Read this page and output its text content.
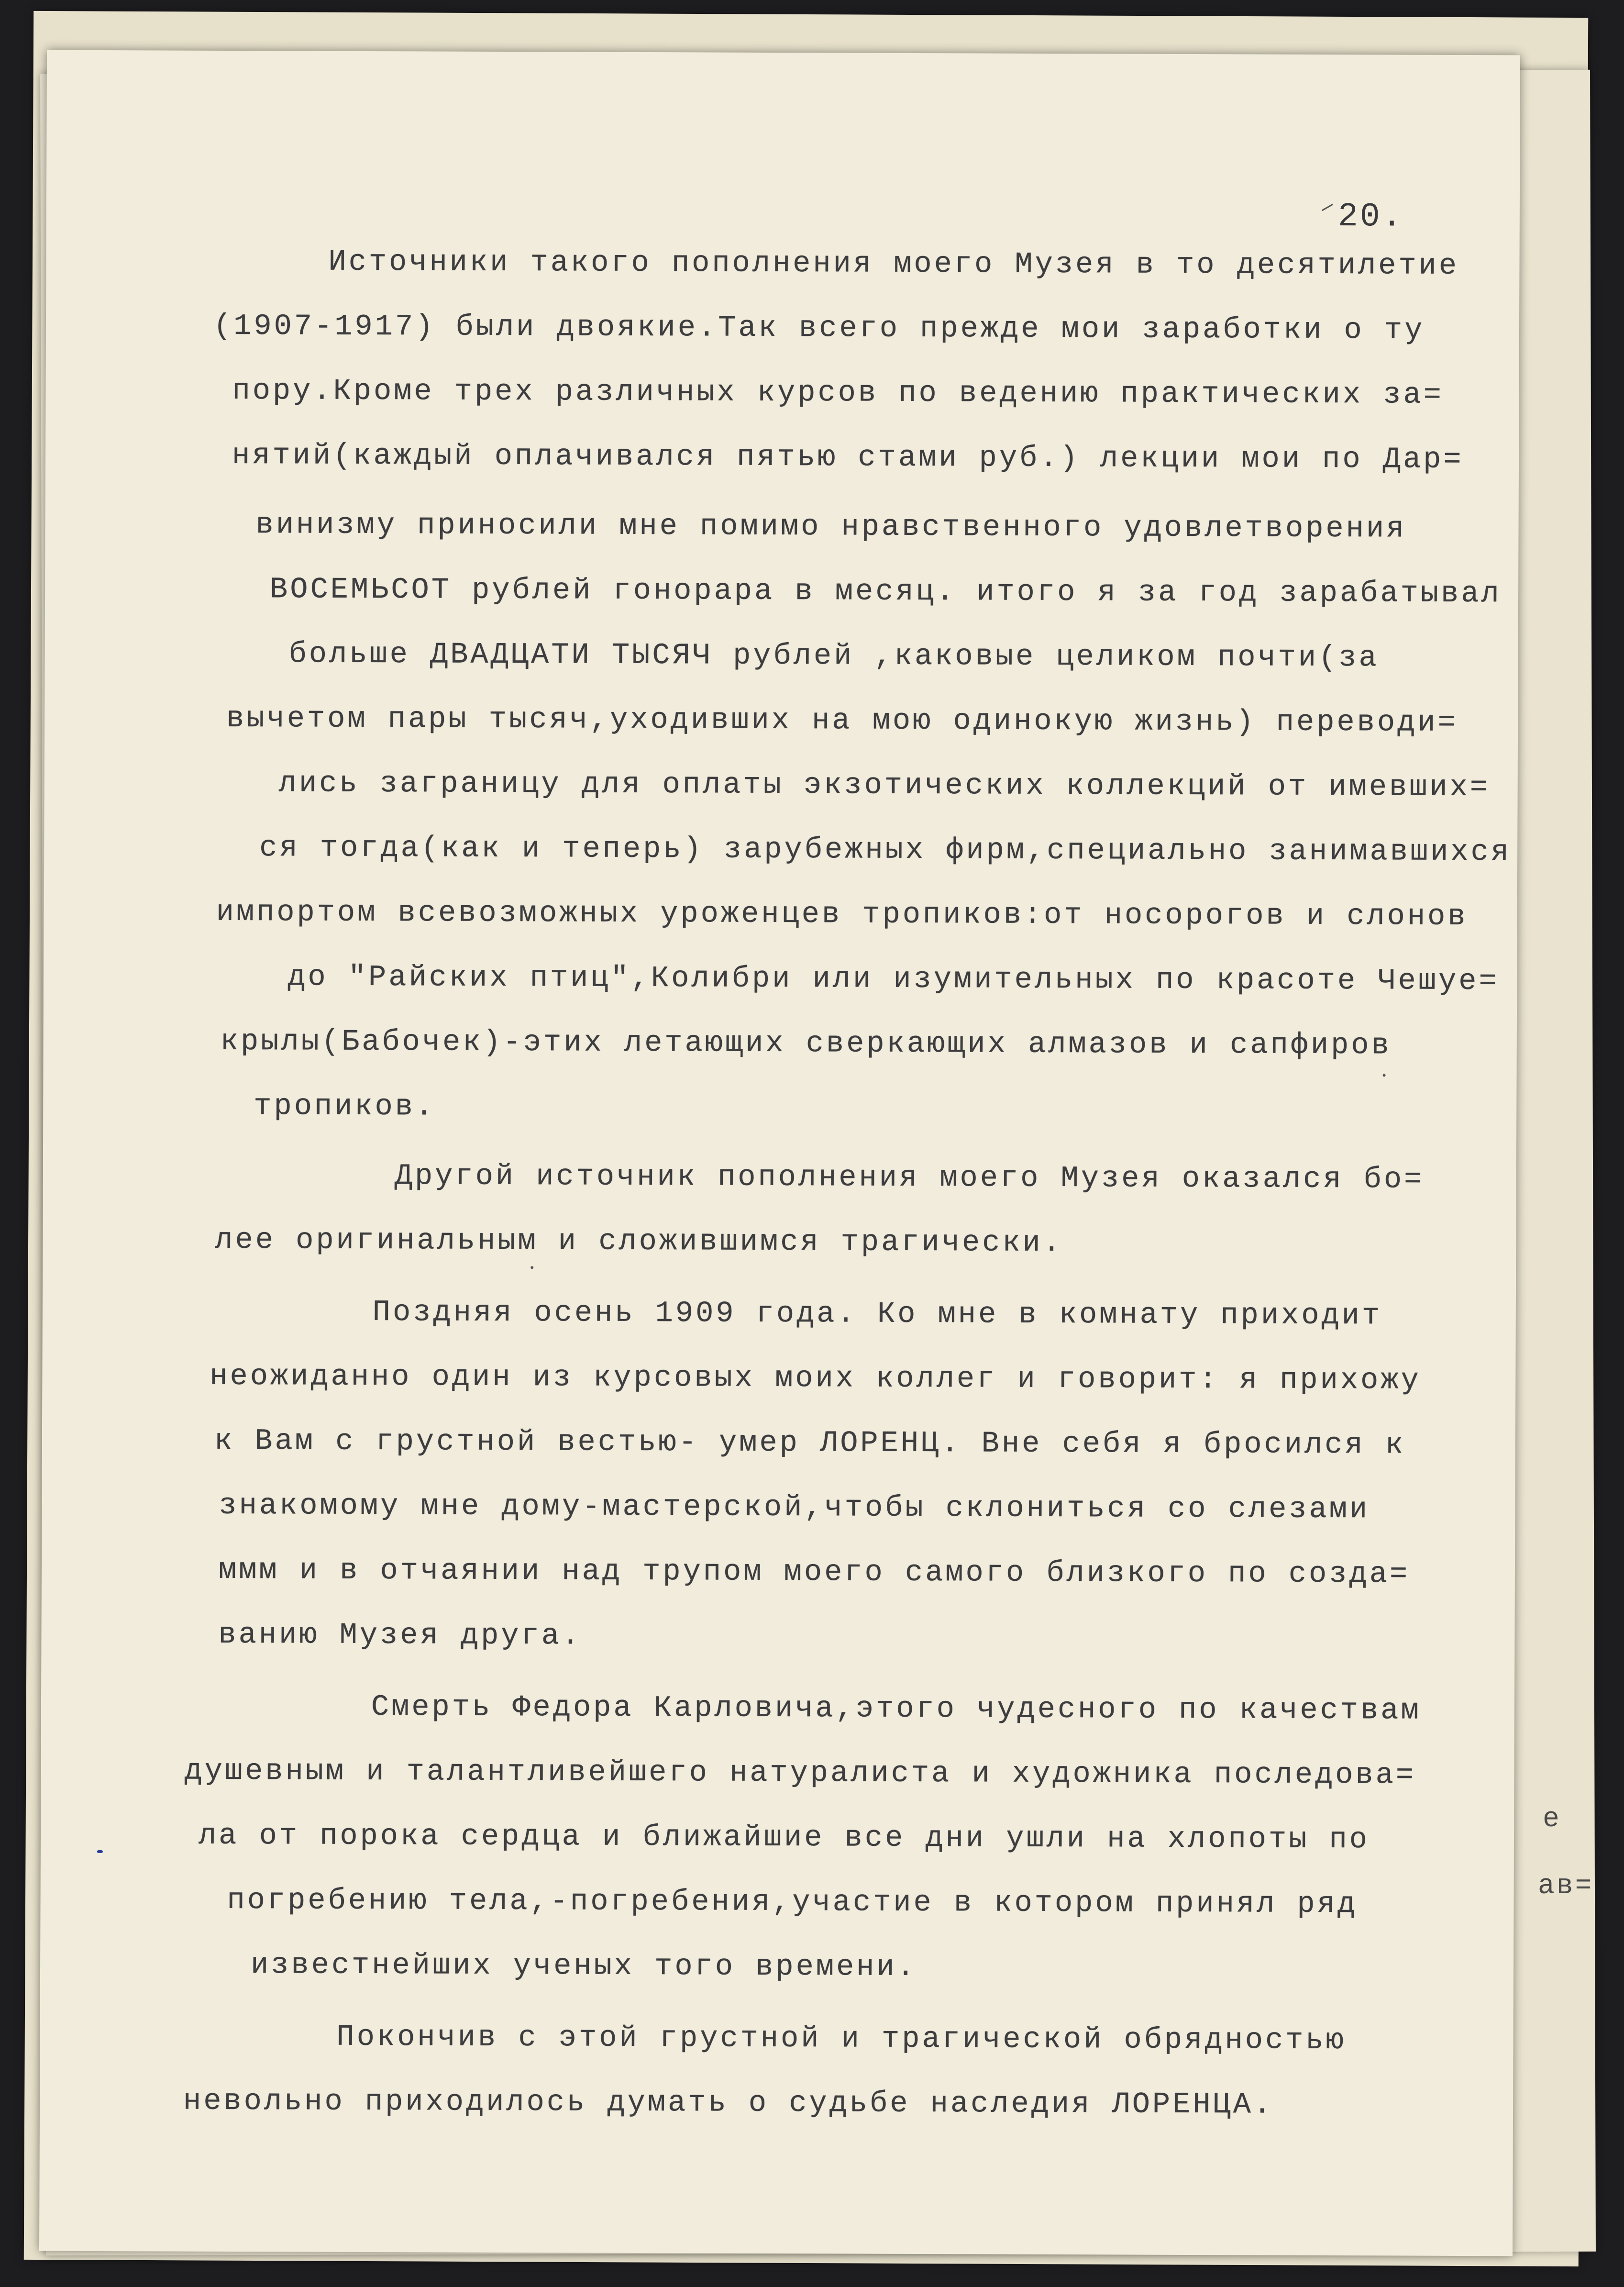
е
ав=
20.
Источники такого пополнения моего Музея в то десятилетие
(1907-1917) были двоякие.Так всего прежде мои заработки о ту
пору.Кроме трех различных курсов по ведению практических за=
нятий(каждый оплачивался пятью стами руб.) лекции мои по Дар=
винизму приносили мне помимо нравственного удовлетворения
ВОСЕМЬСОТ рублей гонорара в месяц. итого я за год зарабатывал
больше ДВАДЦАТИ ТЫСЯЧ рублей ,каковые целиком почти(за
вычетом пары тысяч,уходивших на мою одинокую жизнь) переводи=
лись заграницу для оплаты экзотических коллекций от имевших=
ся тогда(как и теперь) зарубежных фирм,специально занимавшихся
импортом всевозможных уроженцев тропиков:от носорогов и слонов
до "Райских птиц",Колибри или изумительных по красоте Чешуе=
крылы(Бабочек)-этих летающих сверкающих алмазов и сапфиров
тропиков.
Другой источник пополнения моего Музея оказался бо=
лее оригинальным и сложившимся трагически.
Поздняя осень 1909 года. Ко мне в комнату приходит
неожиданно один из курсовых моих коллег и говорит: я прихожу
к Вам с грустной вестью- умер ЛОРЕНЦ. Вне себя я бросился к
знакомому мне дому-мастерской,чтобы склониться со слезами
ммм и в отчаянии над трупом моего самого близкого по созда=
ванию Музея друга.
Смерть Федора Карловича,этого чудесного по качествам
душевным и талантливейшего натуралиста и художника последова=
ла от порока сердца и ближайшие все дни ушли на хлопоты по
погребению тела,-погребения,участие в котором принял ряд
известнейших ученых того времени.
Покончив с этой грустной и трагической обрядностью
невольно приходилось думать о судьбе наследия ЛОРЕНЦА.
